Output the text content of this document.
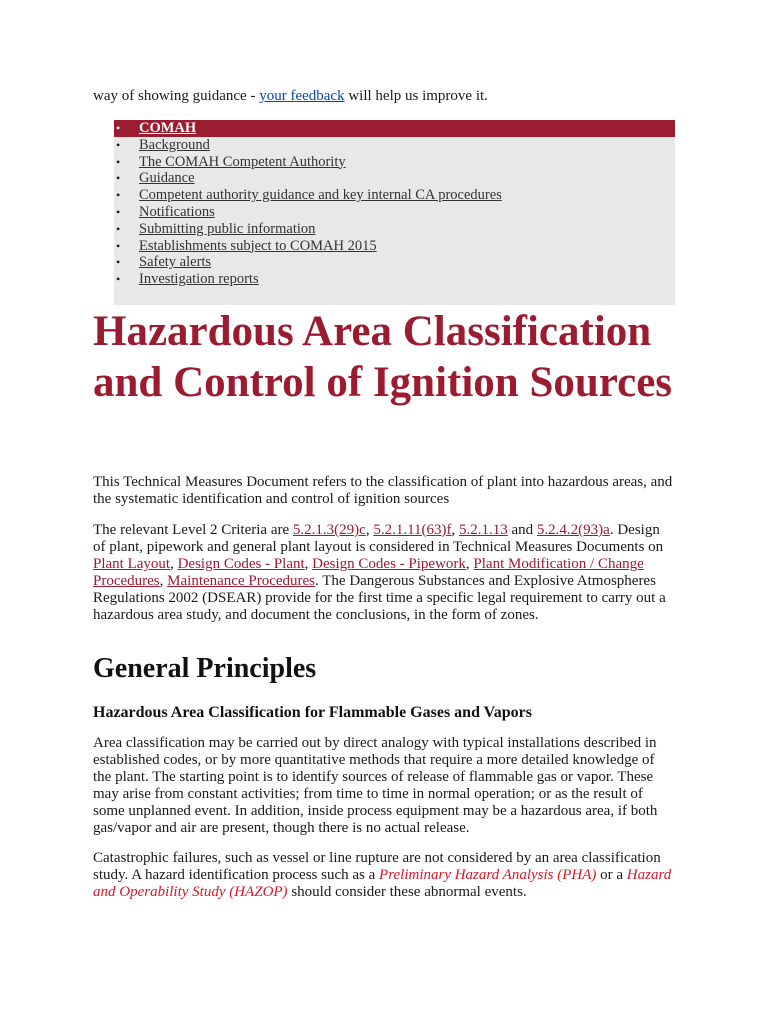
way of showing guidance - your feedback will help us improve it.
• COMAH
• Background
• The COMAH Competent Authority
• Guidance
• Competent authority guidance and key internal CA procedures
• Notifications
• Submitting public information
• Establishments subject to COMAH 2015
• Safety alerts
• Investigation reports
Hazardous Area Classification and Control of Ignition Sources

This Technical Measures Document refers to the classification of plant into hazardous areas, and the systematic identification and control of ignition sources

The relevant Level 2 Criteria are 5.2.1.3(29)c, 5.2.1.11(63)f, 5.2.1.13 and 5.2.4.2(93)a. Design of plant, pipework and general plant layout is considered in Technical Measures Documents on Plant Layout, Design Codes - Plant, Design Codes - Pipework, Plant Modification / Change Procedures, Maintenance Procedures. The Dangerous Substances and Explosive Atmospheres Regulations 2002 (DSEAR) provide for the first time a specific legal requirement to carry out a hazardous area study, and document the conclusions, in the form of zones.

General Principles
Hazardous Area Classification for Flammable Gases and Vapors

Area classification may be carried out by direct analogy with typical installations described in established codes, or by more quantitative methods that require a more detailed knowledge of the plant. The starting point is to identify sources of release of flammable gas or vapor. These may arise from constant activities; from time to time in normal operation; or as the result of some unplanned event. In addition, inside process equipment may be a hazardous area, if both gas/vapor and air are present, though there is no actual release.

Catastrophic failures, such as vessel or line rupture are not considered by an area classification study. A hazard identification process such as a Preliminary Hazard Analysis (PHA) or a Hazard and Operability Study (HAZOP) should consider these abnormal events.
